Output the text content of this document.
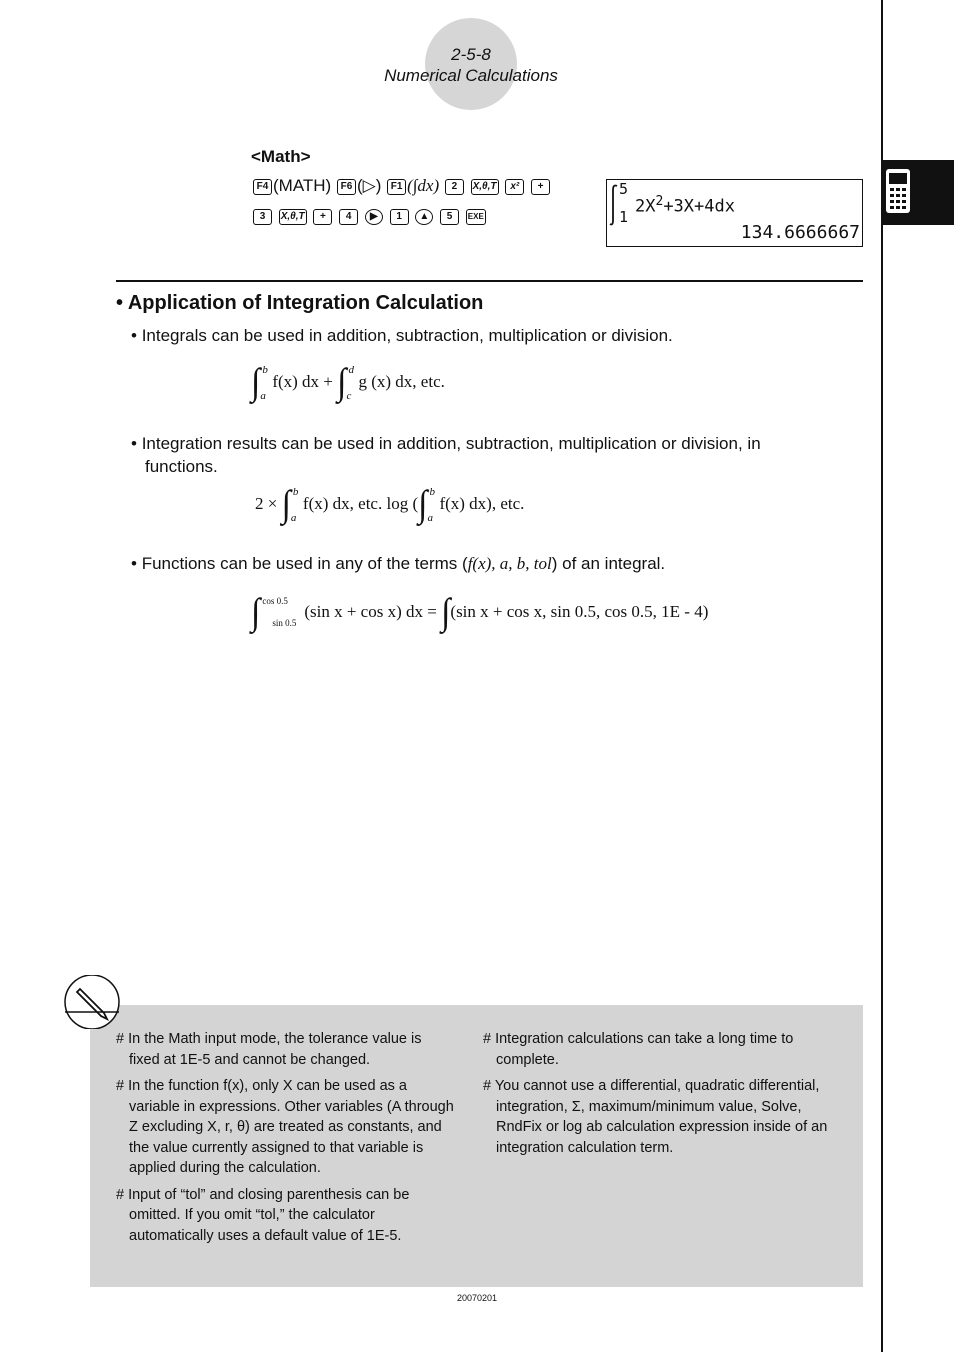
2-5-8
Numerical Calculations
<Math>
F4 (MATH) F6 (▷) F1 (∫dx) 2 X,θ,T x² +
3 X,θ,T + 4 ▶ 1 ▲ 5 EXE
5
1
$2X^2+3X+4dx$
134.6666667
• Application of Integration Calculation
• Integrals can be used in addition, subtraction, multiplication or division.
∫ b
a
f(x) dx + ∫ d
c
g (x) dx, etc.
• Integration results can be used in addition, subtraction, multiplication or division, in functions.
2 × ∫ b
a
f(x) dx, etc. log (∫ b
a
f(x) dx), etc.
• Functions can be used in any of the terms (f(x), a, b, tol) of an integral.
∫ cos 0.5
sin 0.5
(sin x + cos x) dx = ∫(sin x + cos x, sin 0.5, cos 0.5, 1E - 4)
# In the Math input mode, the tolerance value is fixed at 1E-5 and cannot be changed.
# In the function f(x), only X can be used as a variable in expressions. Other variables (A through Z excluding X, r, θ) are treated as constants, and the value currently assigned to that variable is applied during the calculation.
# Input of “tol” and closing parenthesis can be omitted. If you omit “tol,” the calculator automatically uses a default value of 1E-5.
# Integration calculations can take a long time to complete.
# You cannot use a differential, quadratic differential, integration, Σ, maximum/minimum value, Solve, RndFix or log ab calculation expression inside of an integration calculation term.
20070201
